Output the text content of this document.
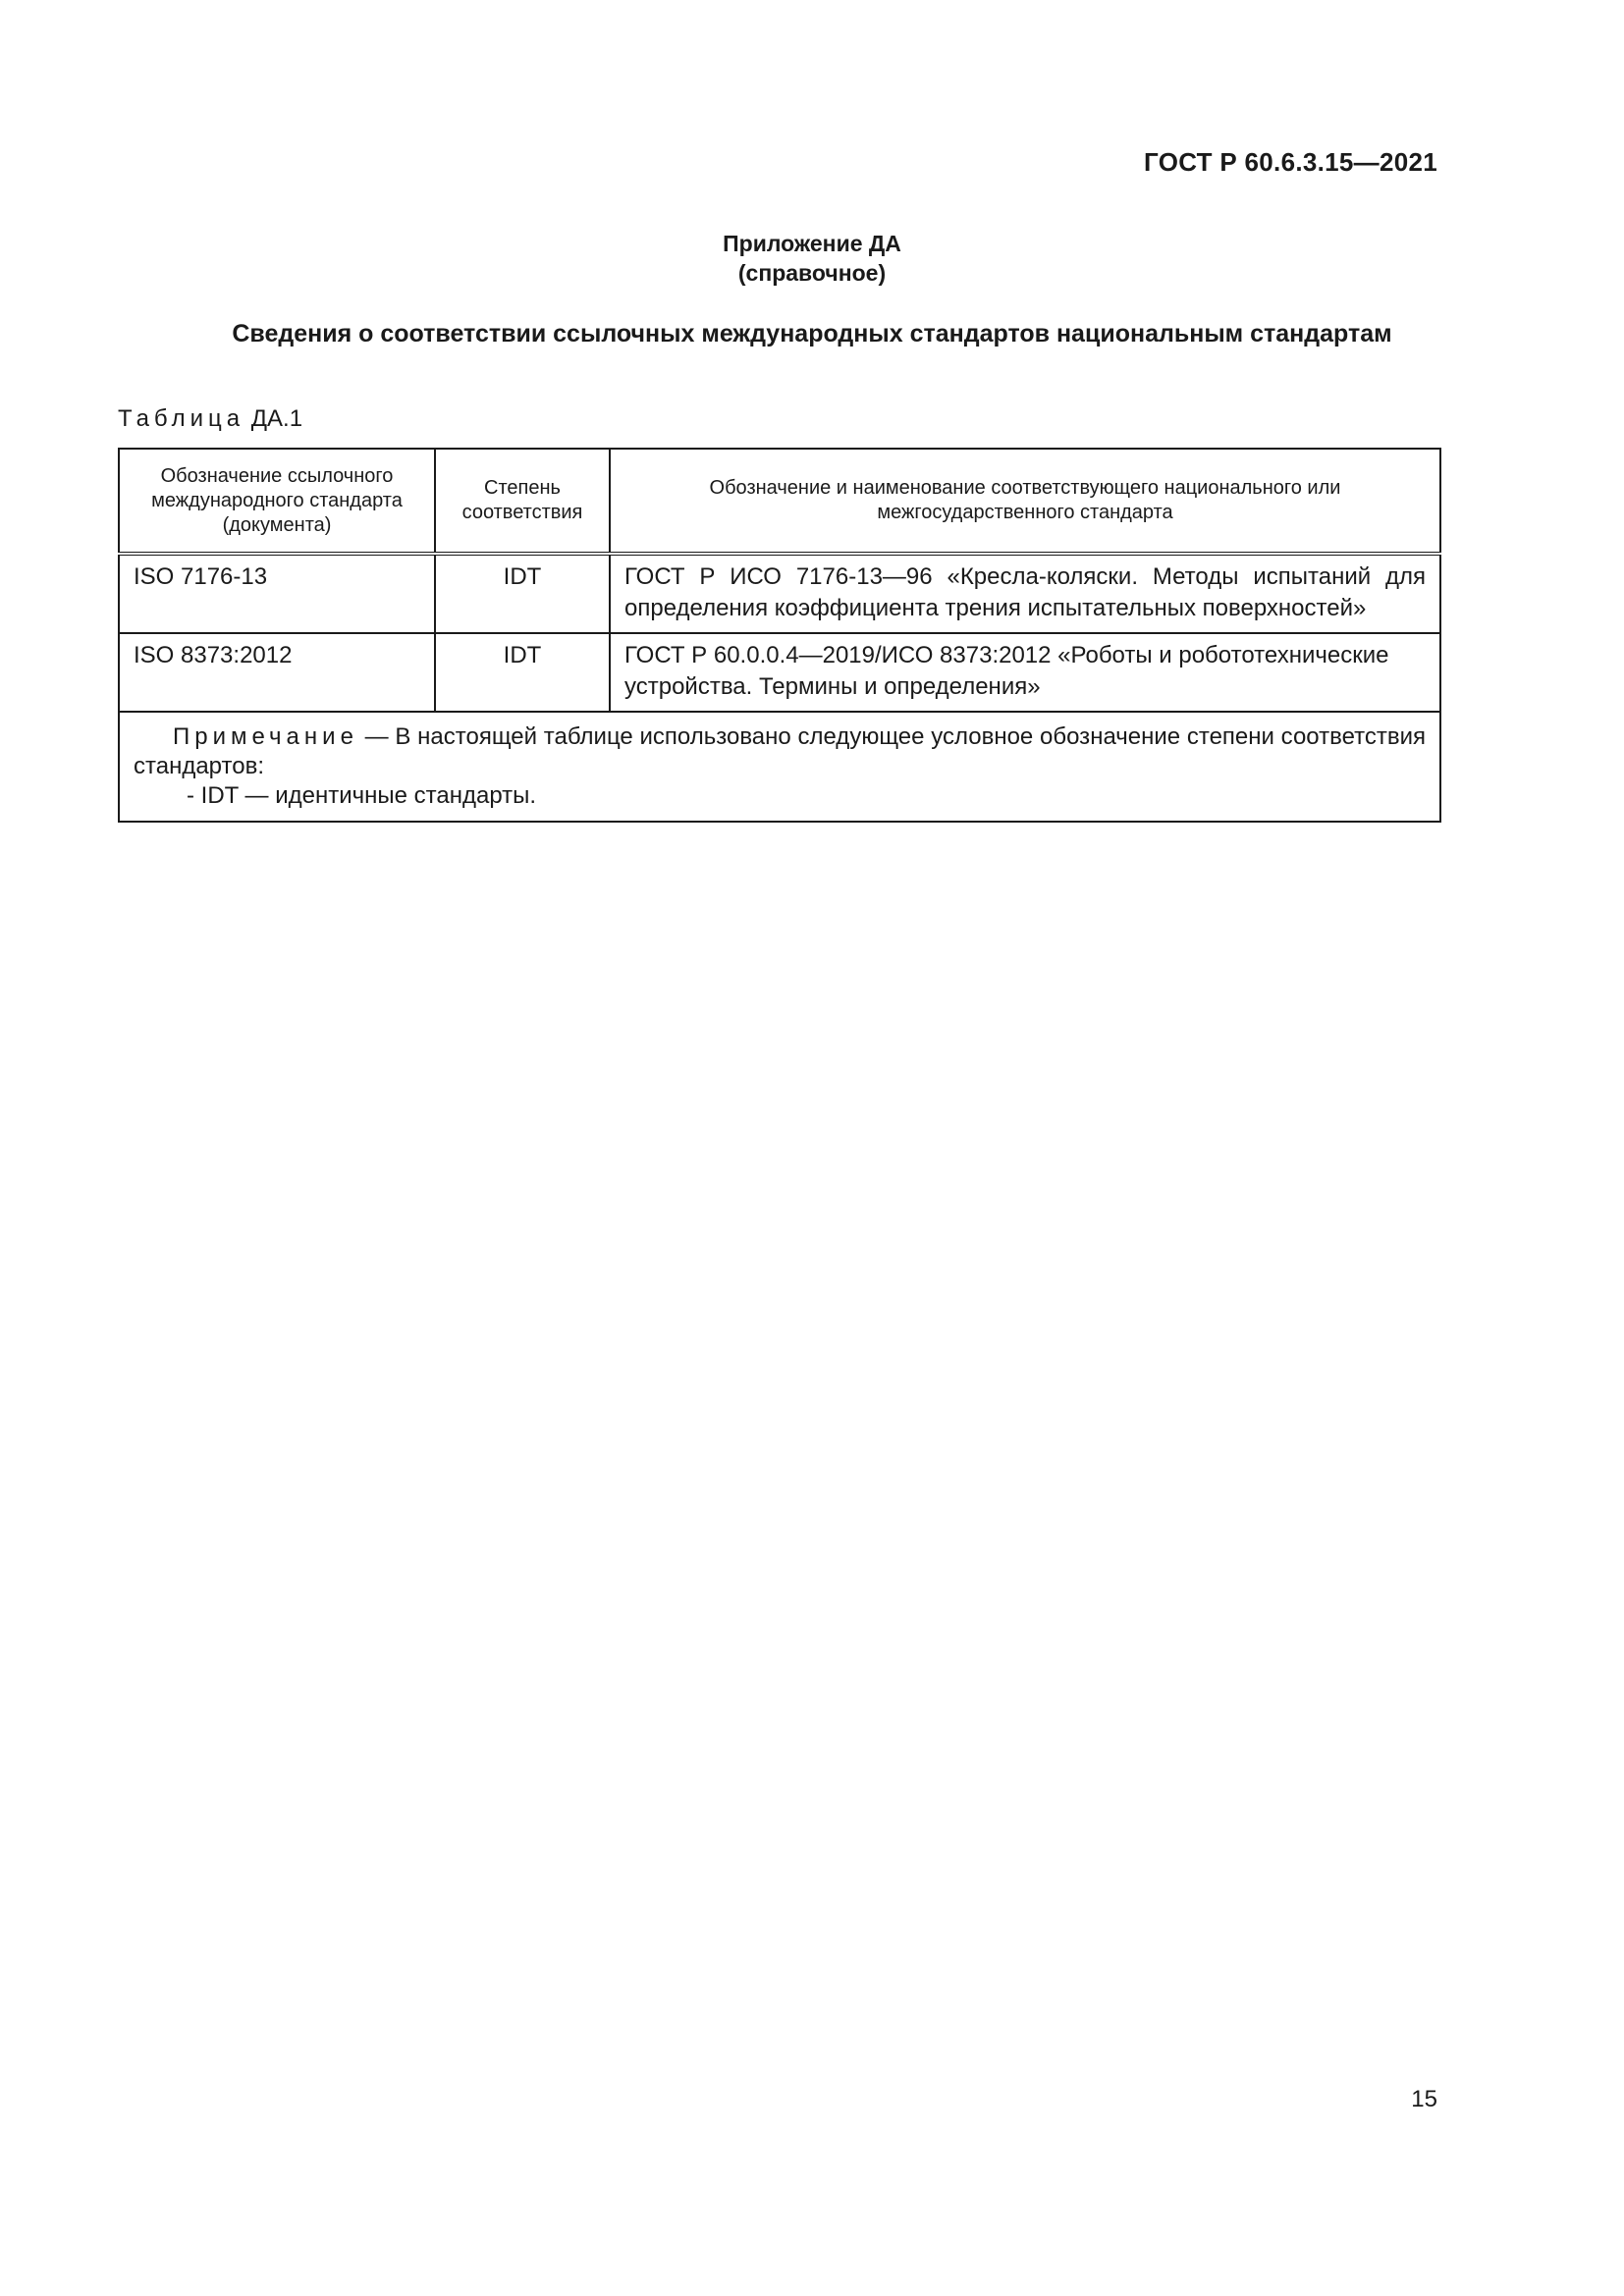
ГОСТ Р 60.6.3.15—2021
Приложение ДА
(справочное)
Сведения о соответствии ссылочных международных стандартов национальным стандартам
Таблица ДА.1
Обозначение ссылочного международного стандарта (документа)	Степень соответствия	Обозначение и наименование соответствующего национального или межгосударственного стандарта
ISO 7176-13	IDT	ГОСТ Р ИСО 7176-13—96 «Кресла-коляски. Методы испытаний для определения коэффициента трения испытательных поверхностей»
ISO 8373:2012	IDT	ГОСТ Р 60.0.0.4—2019/ИСО 8373:2012 «Роботы и робототехнические устройства. Термины и определения»
Примечание — В настоящей таблице использовано следующее условное обозначение степени соответствия стандартов:
- IDT — идентичные стандарты.		
15
